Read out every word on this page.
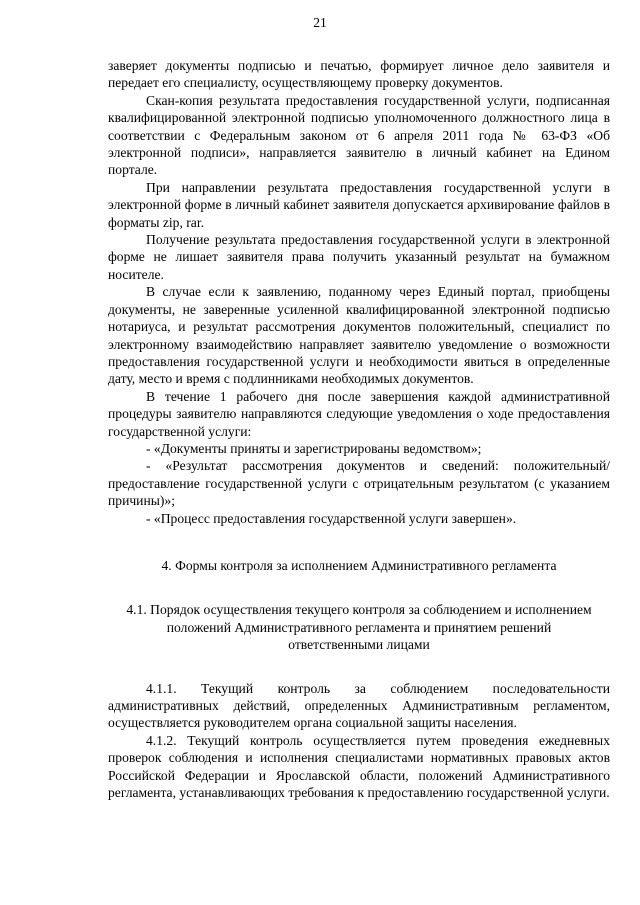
21

заверяет документы подписью и печатью, формирует личное дело заявителя и передает его специалисту, осуществляющему проверку документов.

Скан-копия результата предоставления государственной услуги, подписанная квалифицированной электронной подписью уполномоченного должностного лица в соответствии с Федеральным законом от 6 апреля 2011 года № 63-ФЗ «Об электронной подписи», направляется заявителю в личный кабинет на Едином портале.

При направлении результата предоставления государственной услуги в электронной форме в личный кабинет заявителя допускается архивирование файлов в форматы zip, rar.

Получение результата предоставления государственной услуги в электронной форме не лишает заявителя права получить указанный результат на бумажном носителе.

В случае если к заявлению, поданному через Единый портал, приобщены документы, не заверенные усиленной квалифицированной электронной подписью нотариуса, и результат рассмотрения документов положительный, специалист по электронному взаимодействию направляет заявителю уведомление о возможности предоставления государственной услуги и необходимости явиться в определенные дату, место и время с подлинниками необходимых документов.

В течение 1 рабочего дня после завершения каждой административной процедуры заявителю направляются следующие уведомления о ходе предоставления государственной услуги:

- «Документы приняты и зарегистрированы ведомством»;

- «Результат рассмотрения документов и сведений: положительный/ предоставление государственной услуги с отрицательным результатом (с указанием причины)»;

- «Процесс предоставления государственной услуги завершен».

4. Формы контроля за исполнением Административного регламента

4.1. Порядок осуществления текущего контроля за соблюдением и исполнением положений Административного регламента и принятием решений ответственными лицами

4.1.1. Текущий контроль за соблюдением последовательности административных действий, определенных Административным регламентом, осуществляется руководителем органа социальной защиты населения.

4.1.2. Текущий контроль осуществляется путем проведения ежедневных проверок соблюдения и исполнения специалистами нормативных правовых актов Российской Федерации и Ярославской области, положений Административного регламента, устанавливающих требования к предоставлению государственной услуги.
